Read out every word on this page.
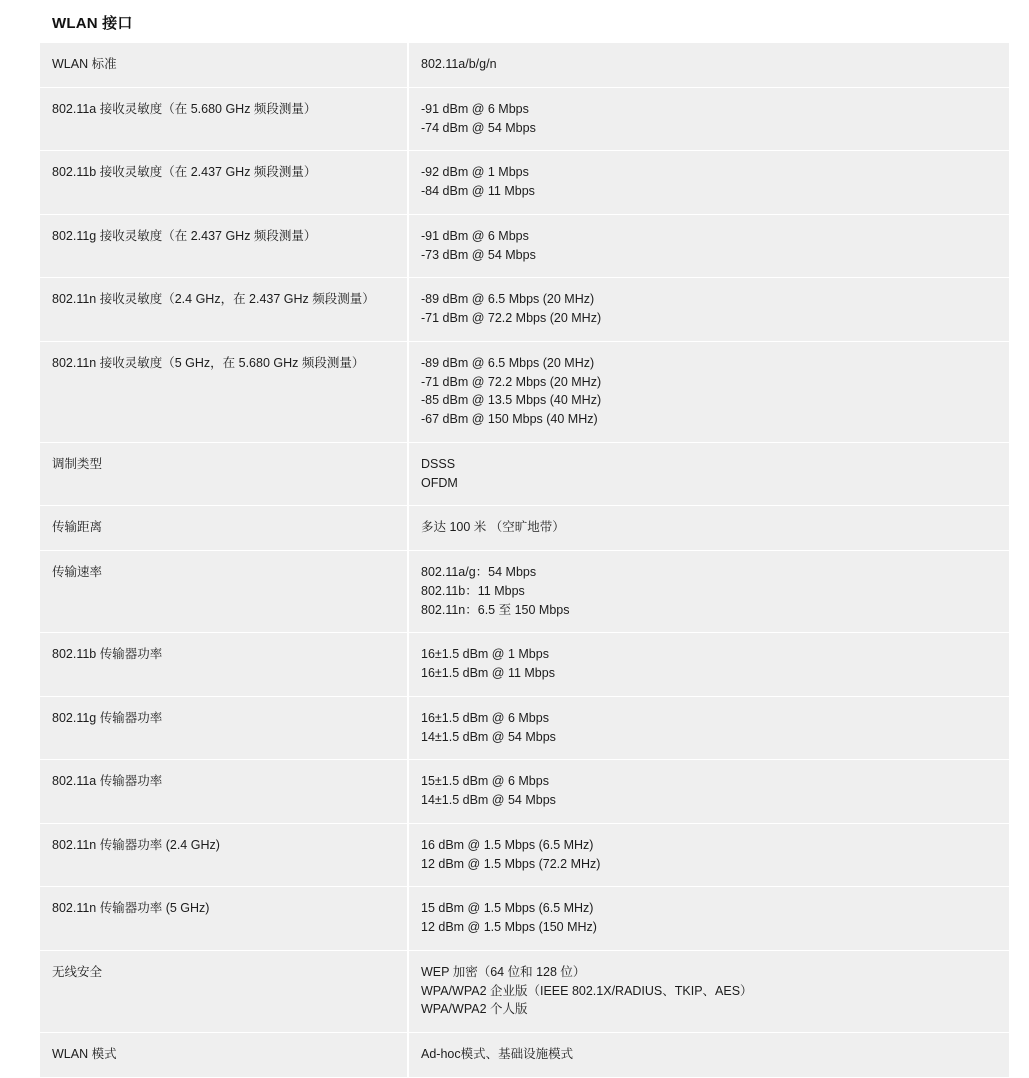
WLAN 接口
WLAN 标准	802.11a/b/g/n

802.11a 接收灵敏度（在 5.680 GHz 频段测量）	-91 dBm @ 6 Mbps
-74 dBm @ 54 Mbps

802.11b 接收灵敏度（在 2.437 GHz 频段测量）	-92 dBm @ 1 Mbps
-84 dBm @ 11 Mbps

802.11g 接收灵敏度（在 2.437 GHz 频段测量）	-91 dBm @ 6 Mbps
-73 dBm @ 54 Mbps

802.11n 接收灵敏度（2.4 GHz，在 2.437 GHz 频段测量）	-89 dBm @ 6.5 Mbps (20 MHz)
-71 dBm @ 72.2 Mbps (20 MHz)

802.11n 接收灵敏度（5 GHz，在 5.680 GHz 频段测量）	-89 dBm @ 6.5 Mbps (20 MHz)
-71 dBm @ 72.2 Mbps (20 MHz)
-85 dBm @ 13.5 Mbps (40 MHz)
-67 dBm @ 150 Mbps (40 MHz)

调制类型	DSSS
OFDM

传输距离	多达 100 米 （空旷地带）

传输速率	802.11a/g：54 Mbps
802.11b：11 Mbps
802.11n：6.5 至 150 Mbps

802.11b 传输器功率	16±1.5 dBm @ 1 Mbps
16±1.5 dBm @ 11 Mbps

802.11g 传输器功率	16±1.5 dBm @ 6 Mbps
14±1.5 dBm @ 54 Mbps

802.11a 传输器功率	15±1.5 dBm @ 6 Mbps
14±1.5 dBm @ 54 Mbps

802.11n 传输器功率 (2.4 GHz)	16 dBm @ 1.5 Mbps (6.5 MHz)
12 dBm @ 1.5 Mbps (72.2 MHz)

802.11n 传输器功率 (5 GHz)	15 dBm @ 1.5 Mbps (6.5 MHz)
12 dBm @ 1.5 Mbps (150 MHz)

无线安全	WEP 加密（64 位和 128 位）
WPA/WPA2 企业版（IEEE 802.1X/RADIUS、TKIP、AES）
WPA/WPA2 个人版

WLAN 模式	Ad-hoc模式、基础设施模式
